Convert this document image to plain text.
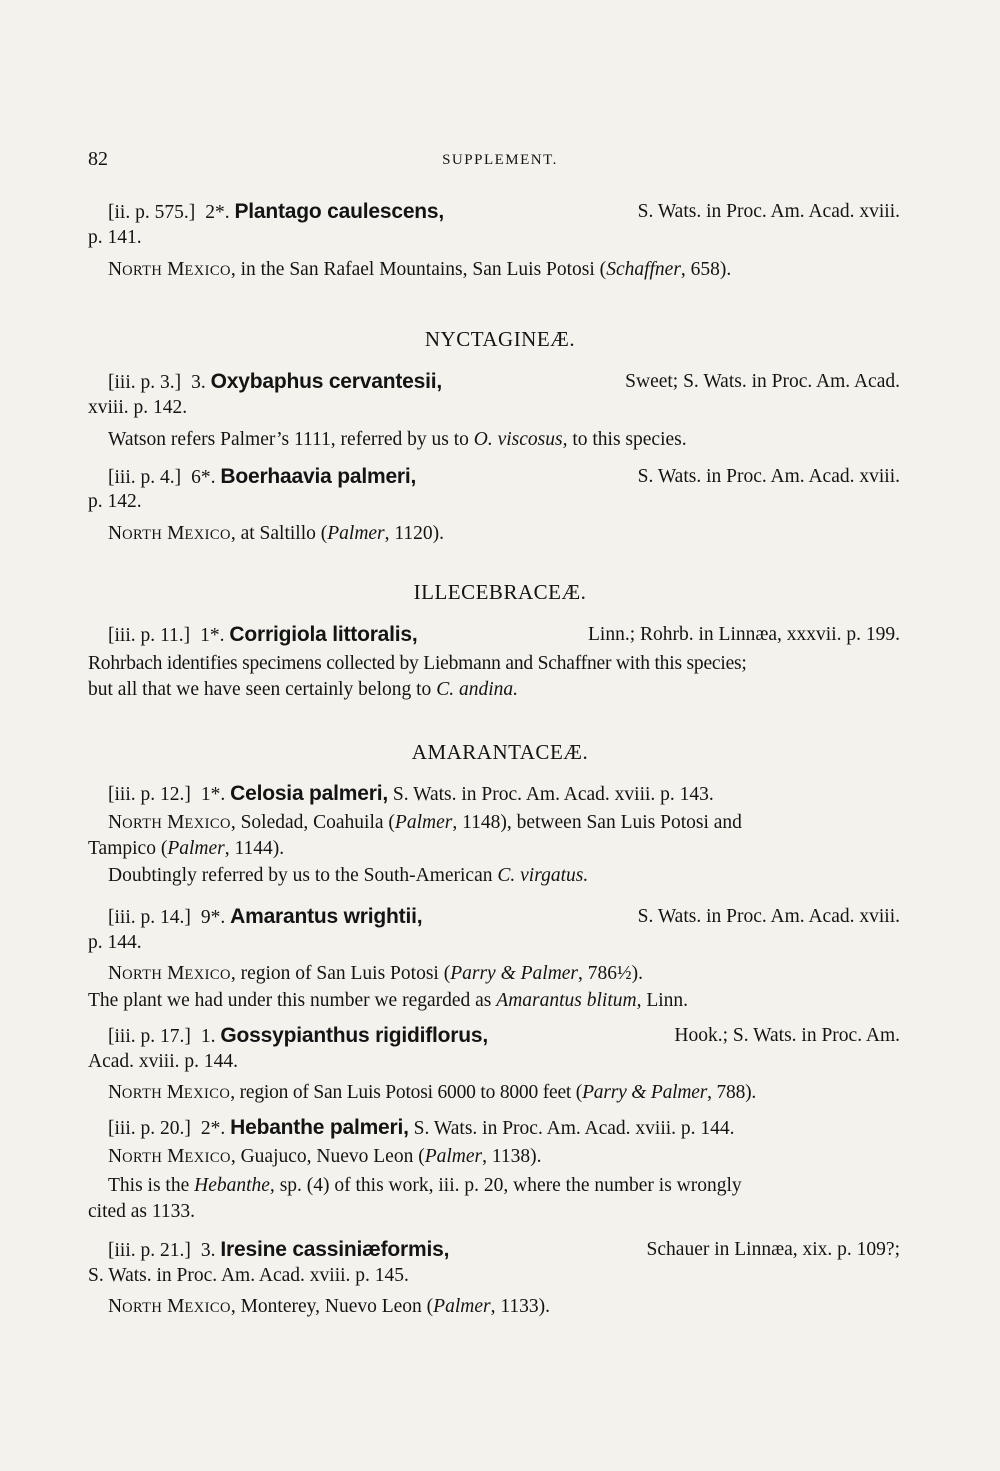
82	SUPPLEMENT.
[ii. p. 575.] 2*. Plantago caulescens,	S. Wats. in Proc. Am. Acad. xviii.
p. 141.
NORTH MEXICO, in the San Rafael Mountains, San Luis Potosi (Schaffner, 658).
NYCTAGINEÆ.
[iii. p. 3.] 3. Oxybaphus cervantesii,	Sweet; S. Wats. in Proc. Am. Acad.
xviii. p. 142.
Watson refers Palmer’s 1111, referred by us to O. viscosus, to this species.
[iii. p. 4.] 6*. Boerhaavia palmeri,	S. Wats. in Proc. Am. Acad. xviii.
p. 142.
NORTH MEXICO, at Saltillo (Palmer, 1120).
ILLECEBRACEÆ.
[iii. p. 11.] 1*. Corrigiola littoralis,	Linn.; Rohrb. in Linnæa, xxxvii. p. 199.
Rohrbach identifies specimens collected by Liebmann and Schaffner with this species;
but all that we have seen certainly belong to C. andina.
AMARANTACEÆ.
[iii. p. 12.] 1*. Celosia palmeri, S. Wats. in Proc. Am. Acad. xviii. p. 143.
NORTH MEXICO, Soledad, Coahuila (Palmer, 1148), between San Luis Potosi and
Tampico (Palmer, 1144).
Doubtingly referred by us to the South-American C. virgatus.
[iii. p. 14.] 9*. Amarantus wrightii,	S. Wats. in Proc. Am. Acad. xviii.
p. 144.
NORTH MEXICO, region of San Luis Potosi (Parry & Palmer, 786½).
The plant we had under this number we regarded as Amarantus blitum, Linn.
[iii. p. 17.] 1. Gossypianthus rigidiflorus,	Hook.; S. Wats. in Proc. Am.
Acad. xviii. p. 144.
NORTH MEXICO, region of San Luis Potosi 6000 to 8000 feet (Parry & Palmer, 788).
[iii. p. 20.] 2*. Hebanthe palmeri, S. Wats. in Proc. Am. Acad. xviii. p. 144.
NORTH MEXICO, Guajuco, Nuevo Leon (Palmer, 1138).
This is the Hebanthe, sp. (4) of this work, iii. p. 20, where the number is wrongly
cited as 1133.
[iii. p. 21.] 3. Iresine cassiniæformis,	Schauer in Linnæa, xix. p. 109?;
S. Wats. in Proc. Am. Acad. xviii. p. 145.
NORTH MEXICO, Monterey, Nuevo Leon (Palmer, 1133).
